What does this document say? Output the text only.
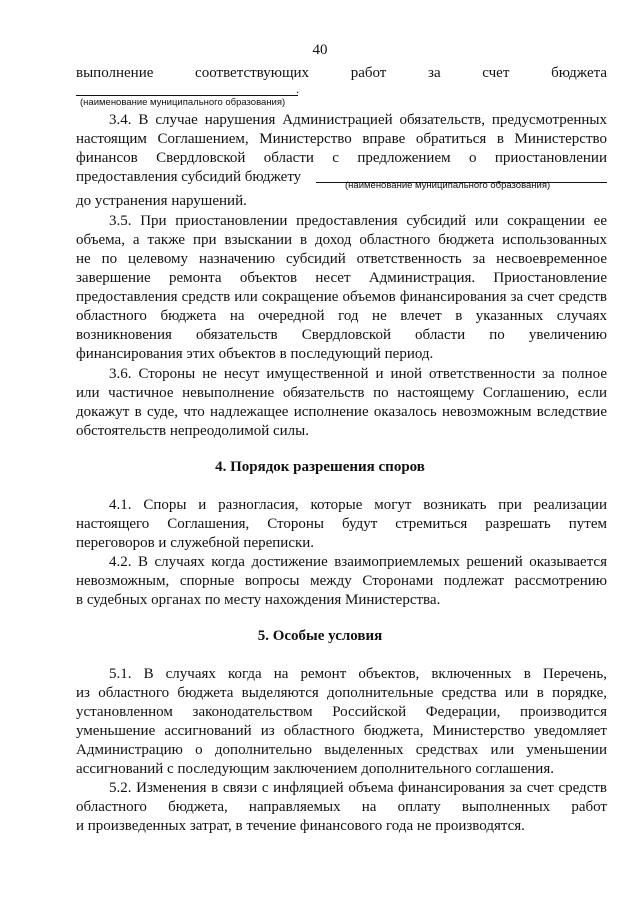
40
выполнение соответствующих работ за счет бюджета
.
(наименование муниципального образования)
3.4. В случае нарушения Администрацией обязательств, предусмотренных
настоящим Соглашением, Министерство вправе обратиться в Министерство
финансов Свердловской области с предложением о приостановлении
предоставления субсидий бюджету
(наименование муниципального образования)
до устранения нарушений.
3.5. При приостановлении предоставления субсидий или сокращении ее
объема, а также при взыскании в доход областного бюджета использованных
не по целевому назначению субсидий ответственность за несвоевременное
завершение ремонта объектов несет Администрация. Приостановление
предоставления средств или сокращение объемов финансирования за счет средств
областного бюджета на очередной год не влечет в указанных случаях
возникновения обязательств Свердловской области по увеличению
финансирования этих объектов в последующий период.
3.6. Стороны не несут имущественной и иной ответственности за полное
или частичное невыполнение обязательств по настоящему Соглашению, если
докажут в суде, что надлежащее исполнение оказалось невозможным вследствие
обстоятельств непреодолимой силы.
4. Порядок разрешения споров
4.1. Споры и разногласия, которые могут возникать при реализации
настоящего Соглашения, Стороны будут стремиться разрешать путем
переговоров и служебной переписки.
4.2. В случаях когда достижение взаимоприемлемых решений оказывается
невозможным, спорные вопросы между Сторонами подлежат рассмотрению
в судебных органах по месту нахождения Министерства.
5. Особые условия
5.1. В случаях когда на ремонт объектов, включенных в Перечень,
из областного бюджета выделяются дополнительные средства или в порядке,
установленном законодательством Российской Федерации, производится
уменьшение ассигнований из областного бюджета, Министерство уведомляет
Администрацию о дополнительно выделенных средствах или уменьшении
ассигнований с последующим заключением дополнительного соглашения.
5.2. Изменения в связи с инфляцией объема финансирования за счет средств
областного бюджета, направляемых на оплату выполненных работ
и произведенных затрат, в течение финансового года не производятся.
